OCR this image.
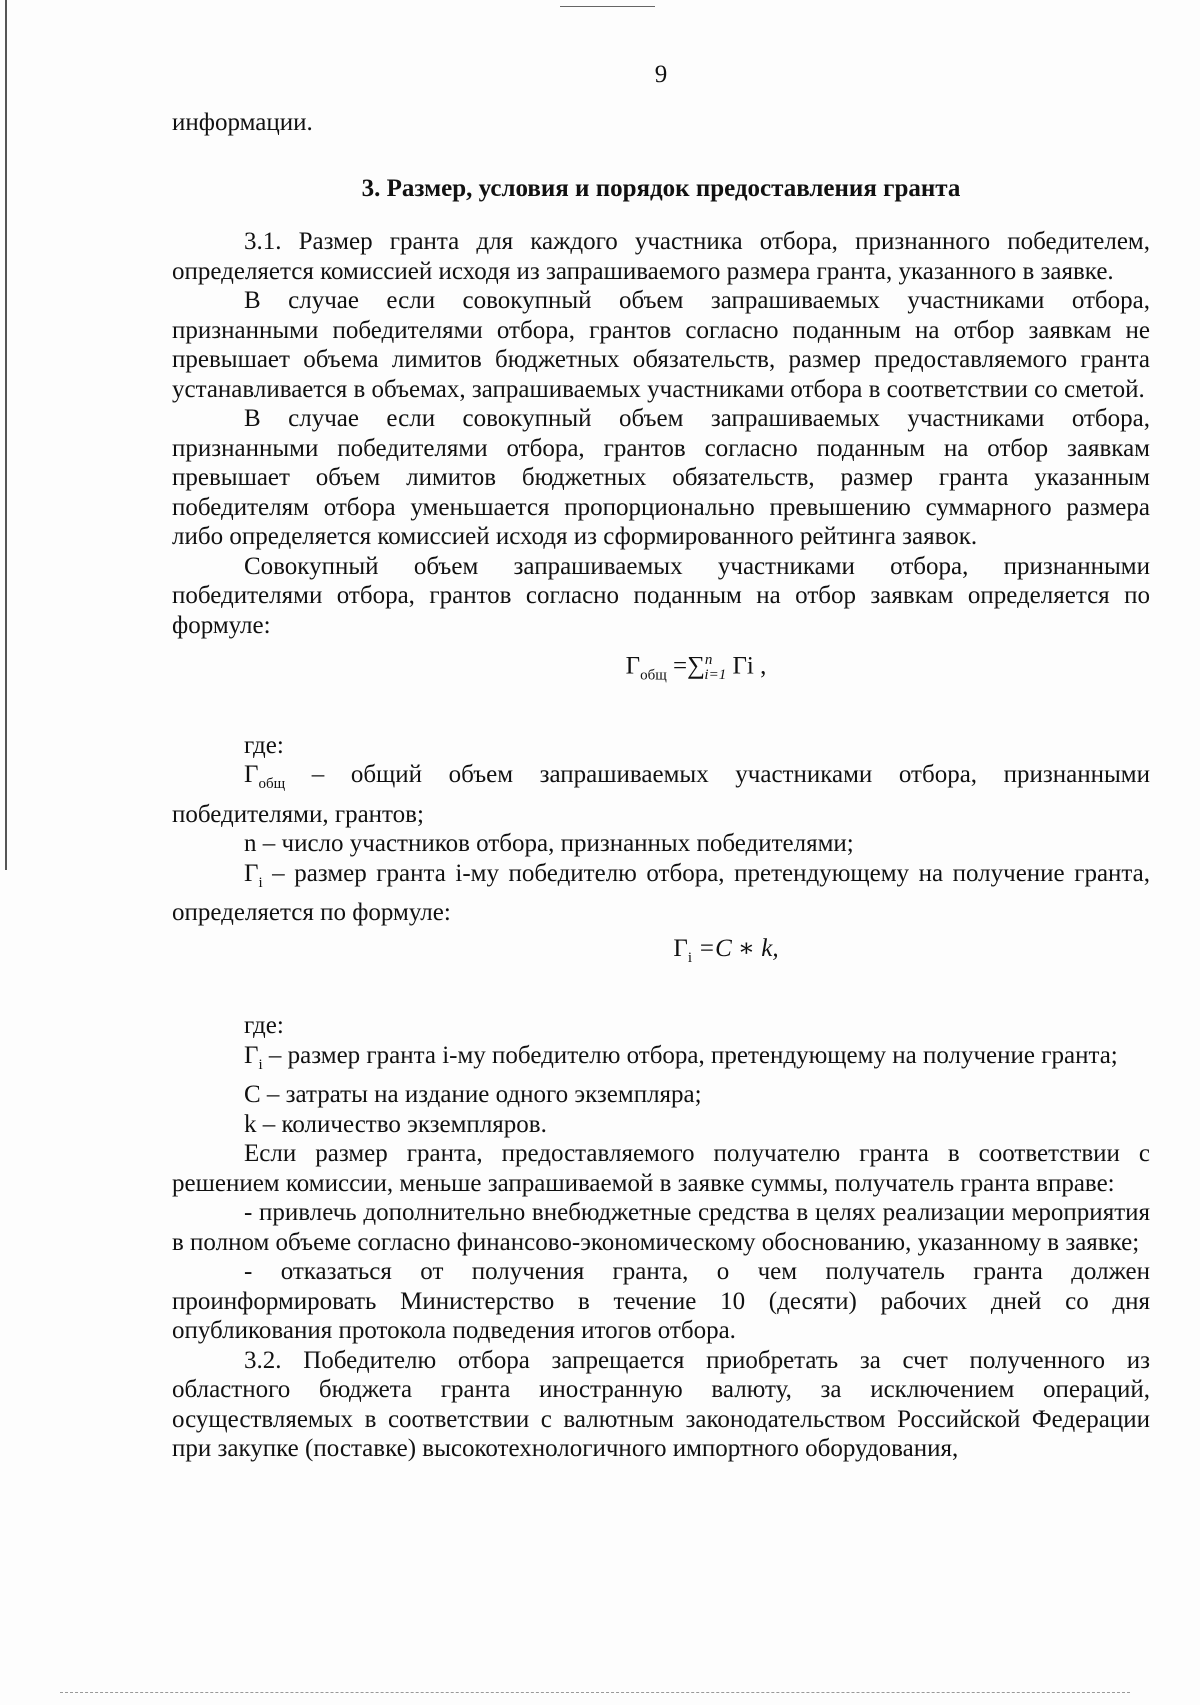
9

информации.

3. Размер, условия и порядок предоставления гранта

3.1. Размер гранта для каждого участника отбора, признанного победителем, определяется комиссией исходя из запрашиваемого размера гранта, указанного в заявке.

В случае если совокупный объем запрашиваемых участниками отбора, признанными победителями отбора, грантов согласно поданным на отбор заявкам не превышает объема лимитов бюджетных обязательств, размер предоставляемого гранта устанавливается в объемах, запрашиваемых участниками отбора в соответствии со сметой.

В случае если совокупный объем запрашиваемых участниками отбора, признанными победителями отбора, грантов согласно поданным на отбор заявкам превышает объем лимитов бюджетных обязательств, размер гранта указанным победителям отбора уменьшается пропорционально превышению суммарного размера либо определяется комиссией исходя из сформированного рейтинга заявок.

Совокупный объем запрашиваемых участниками отбора, признанными победителями отбора, грантов согласно поданным на отбор заявкам определяется по формуле:

$Г_{общ} =\sum^n_{i=1}$ Гi ,

где:

$Г_{общ}$ – общий объем запрашиваемых участниками отбора, признанными победителями, грантов;

n – число участников отбора, признанных победителями;

$Г_i$ – размер гранта i-му победителю отбора, претендующему на получение гранта, определяется по формуле:

$Г_i =C$ ∗ k,

где:

$Г_i$ – размер гранта i-му победителю отбора, претендующему на получение гранта;

С – затраты на издание одного экземпляра;

k – количество экземпляров.

Если размер гранта, предоставляемого получателю гранта в соответствии с решением комиссии, меньше запрашиваемой в заявке суммы, получатель гранта вправе:

- привлечь дополнительно внебюджетные средства в целях реализации мероприятия в полном объеме согласно финансово-экономическому обоснованию, указанному в заявке;

- отказаться от получения гранта, о чем получатель гранта должен проинформировать Министерство в течение 10 (десяти) рабочих дней со дня опубликования протокола подведения итогов отбора.

3.2. Победителю отбора запрещается приобретать за счет полученного из областного бюджета гранта иностранную валюту, за исключением операций, осуществляемых в соответствии с валютным законодательством Российской Федерации при закупке (поставке) высокотехнологичного импортного оборудования,
